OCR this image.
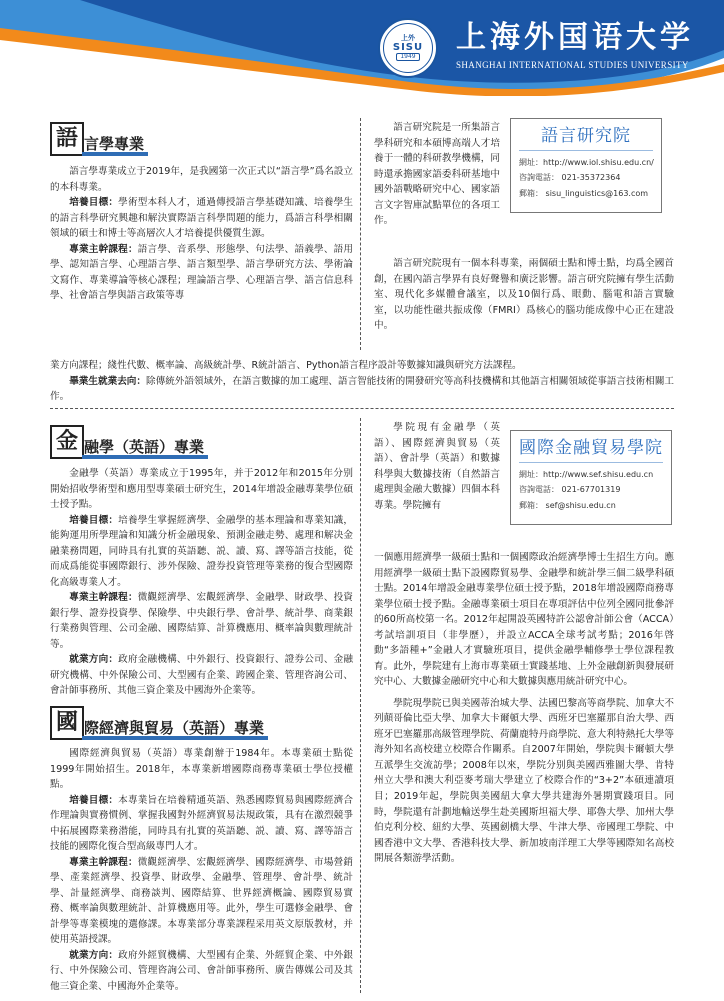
上外
SISU
1949
上海外国语大学
SHANGHAI INTERNATIONAL STUDIES UNIVERSITY
語 言學專業

語言學專業成立于2019年，是我國第一次正式以“語言學”爲名設立的本科專業。

培養目標：學術型本科人才，通過傳授語言學基礎知識、培養學生的語言科學研究興趣和解決實際語言科學問題的能力，爲語言科學相關領域的碩士和博士等高層次人才培養提供優質生源。

專業主幹課程：語言學、音系學、形態學、句法學、語義學、語用學、認知語言學、心理語言學、語言類型學、語言學研究方法、學術論文寫作、專業導論等核心課程；理論語言學、心理語言學、語言信息科學、社會語言學與語言政策等專

語言研究院是一所集語言學科研究和本碩博高端人才培養于一體的科研教學機構，同時還承擔國家語委科研基地中國外語戰略研究中心、國家語言文字智庫試點單位的各項工作。

語言研究院
網址：http://www.iol.shisu.edu.cn/
咨詢電話： 021-35372364
郵箱： sisu_linguistics@163.com

語言研究院現有一個本科專業，兩個碩士點和博士點，均爲全國首創，在國內語言學界有良好聲譽和廣泛影響。語言研究院擁有學生活動室、現代化多媒體會議室，以及10個行爲、眼動、腦電和語言實驗室，以功能性磁共振成像（FMRI）爲核心的腦功能成像中心正在建設中。

業方向課程；綫性代數、概率論、高級統計學、R統計語言、Python語言程序設計等數據知識與研究方法課程。

畢業生就業去向：除傳統外語領域外，在語言數據的加工處理、語言智能技術的開發研究等高科技機構和其他語言相關領域從事語言技術相關工作。

金 融學（英語）專業

金融學（英語）專業成立于1995年，并于2012年和2015年分别開始招收學術型和應用型專業碩士研究生，2014年增設金融專業學位碩士授予點。

培養目標：培養學生掌握經濟學、金融學的基本理論和專業知識，能夠運用所學理論和知識分析金融現象、預測金融走勢、處理和解决金融業務問題，同時具有扎實的英語聽、説、讀、寫、譯等語言技能，從而成爲能從事國際銀行、涉外保險、證券投資管理等業務的復合型國際化高級專業人才。

專業主幹課程：微觀經濟學、宏觀經濟學、金融學、財政學、投資銀行學、證券投資學、保險學、中央銀行學、會計學、統計學、商業銀行業務與管理、公司金融、國際結算、計算機應用、概率論與數理統計等。

就業方向：政府金融機構、中外銀行、投資銀行、證券公司、金融研究機構、中外保險公司、大型國有企業、跨國企業、管理咨詢公司、會計師事務所、其他三資企業及中國海外企業等。

國 際經濟與貿易（英語）專業

國際經濟與貿易（英語）專業創辦于1984年。本專業碩士點從1999年開始招生。2018年，本專業新增國際商務專業碩士學位授權點。

培養目標：本專業旨在培養精通英語、熟悉國際貿易與國際經濟合作理論與實務慣例、掌握我國對外經濟貿易法規政策，具有在激烈競爭中拓展國際業務潜能，同時具有扎實的英語聽、説、讀、寫、譯等語言技能的國際化復合型高級專門人才。

專業主幹課程：微觀經濟學、宏觀經濟學、國際經濟學、市場營銷學、產業經濟學、投資學、財政學、金融學、管理學、會計學、統計學、計量經濟學、商務談判、國際結算、世界經濟概論、國際貿易實務、概率論與數理統計、計算機應用等。此外，學生可選修金融學、會計學等專業模塊的選修課。本專業部分專業課程采用英文原版教材，并使用英語授課。

就業方向：政府外經貿機構、大型國有企業、外經貿企業、中外銀行、中外保險公司、管理咨詢公司、會計師事務所、廣告傳媒公司及其他三資企業、中國海外企業等。

學院現有金融學（英語）、國際經濟與貿易（英語）、會計學（英語）和數據科學與大數據技術（自然語言處理與金融大數據）四個本科專業。學院擁有

國際金融貿易學院
網址：http://www.sef.shisu.edu.cn
咨詢電話： 021-67701319
郵箱： sef@shisu.edu.cn

一個應用經濟學一級碩士點和一個國際政治經濟學博士生招生方向。應用經濟學一級碩士點下設國際貿易學、金融學和統計學三個二級學科碩士點。2014年增設金融專業學位碩士授予點，2018年增設國際商務專業學位碩士授予點。金融專業碩士項目在專項評估中位列全國同批參評的60所高校第一名。2012年起開設英國特許公認會計師公會（ACCA）考試培訓項目（非學歷），并設立ACCA全球考試考點；2016年啓動“多語種+”金融人才實驗班項目，提供金融學輔修學士學位課程教育。此外，學院建有上海市專業碩士實踐基地、上外金融創新與發展研究中心、大數據金融研究中心和大數據與應用統計研究中心。

學院現學院已與美國蒂治城大學、法國巴黎高等商學院、加拿大不列顛哥倫比亞大學、加拿大卡爾頓大學、西班牙巴塞羅那自治大學、西班牙巴塞羅那高級管理學院、荷蘭鹿特丹商學院、意大利特熱托大學等海外知名高校建立校際合作關系。自2007年開始，學院與卡爾頓大學互派學生交流訪學；2008年以來，學院分别與美國西雅圖大學、肯特州立大學和澳大利亞麥考瑞大學建立了校際合作的“3+2”本碩連讀項目；2019年起，學院與美國紐大拿大學共建海外暑期實踐項目。同時，學院還有計劃地輸送學生赴美國斯坦福大學、耶魯大學、加州大學伯克利分校、紐約大學、英國劍橋大學、牛津大學、帝國理工學院、中國香港中文大學、香港科技大學、新加坡南洋理工大學等國際知名高校開展各類游學活動。
